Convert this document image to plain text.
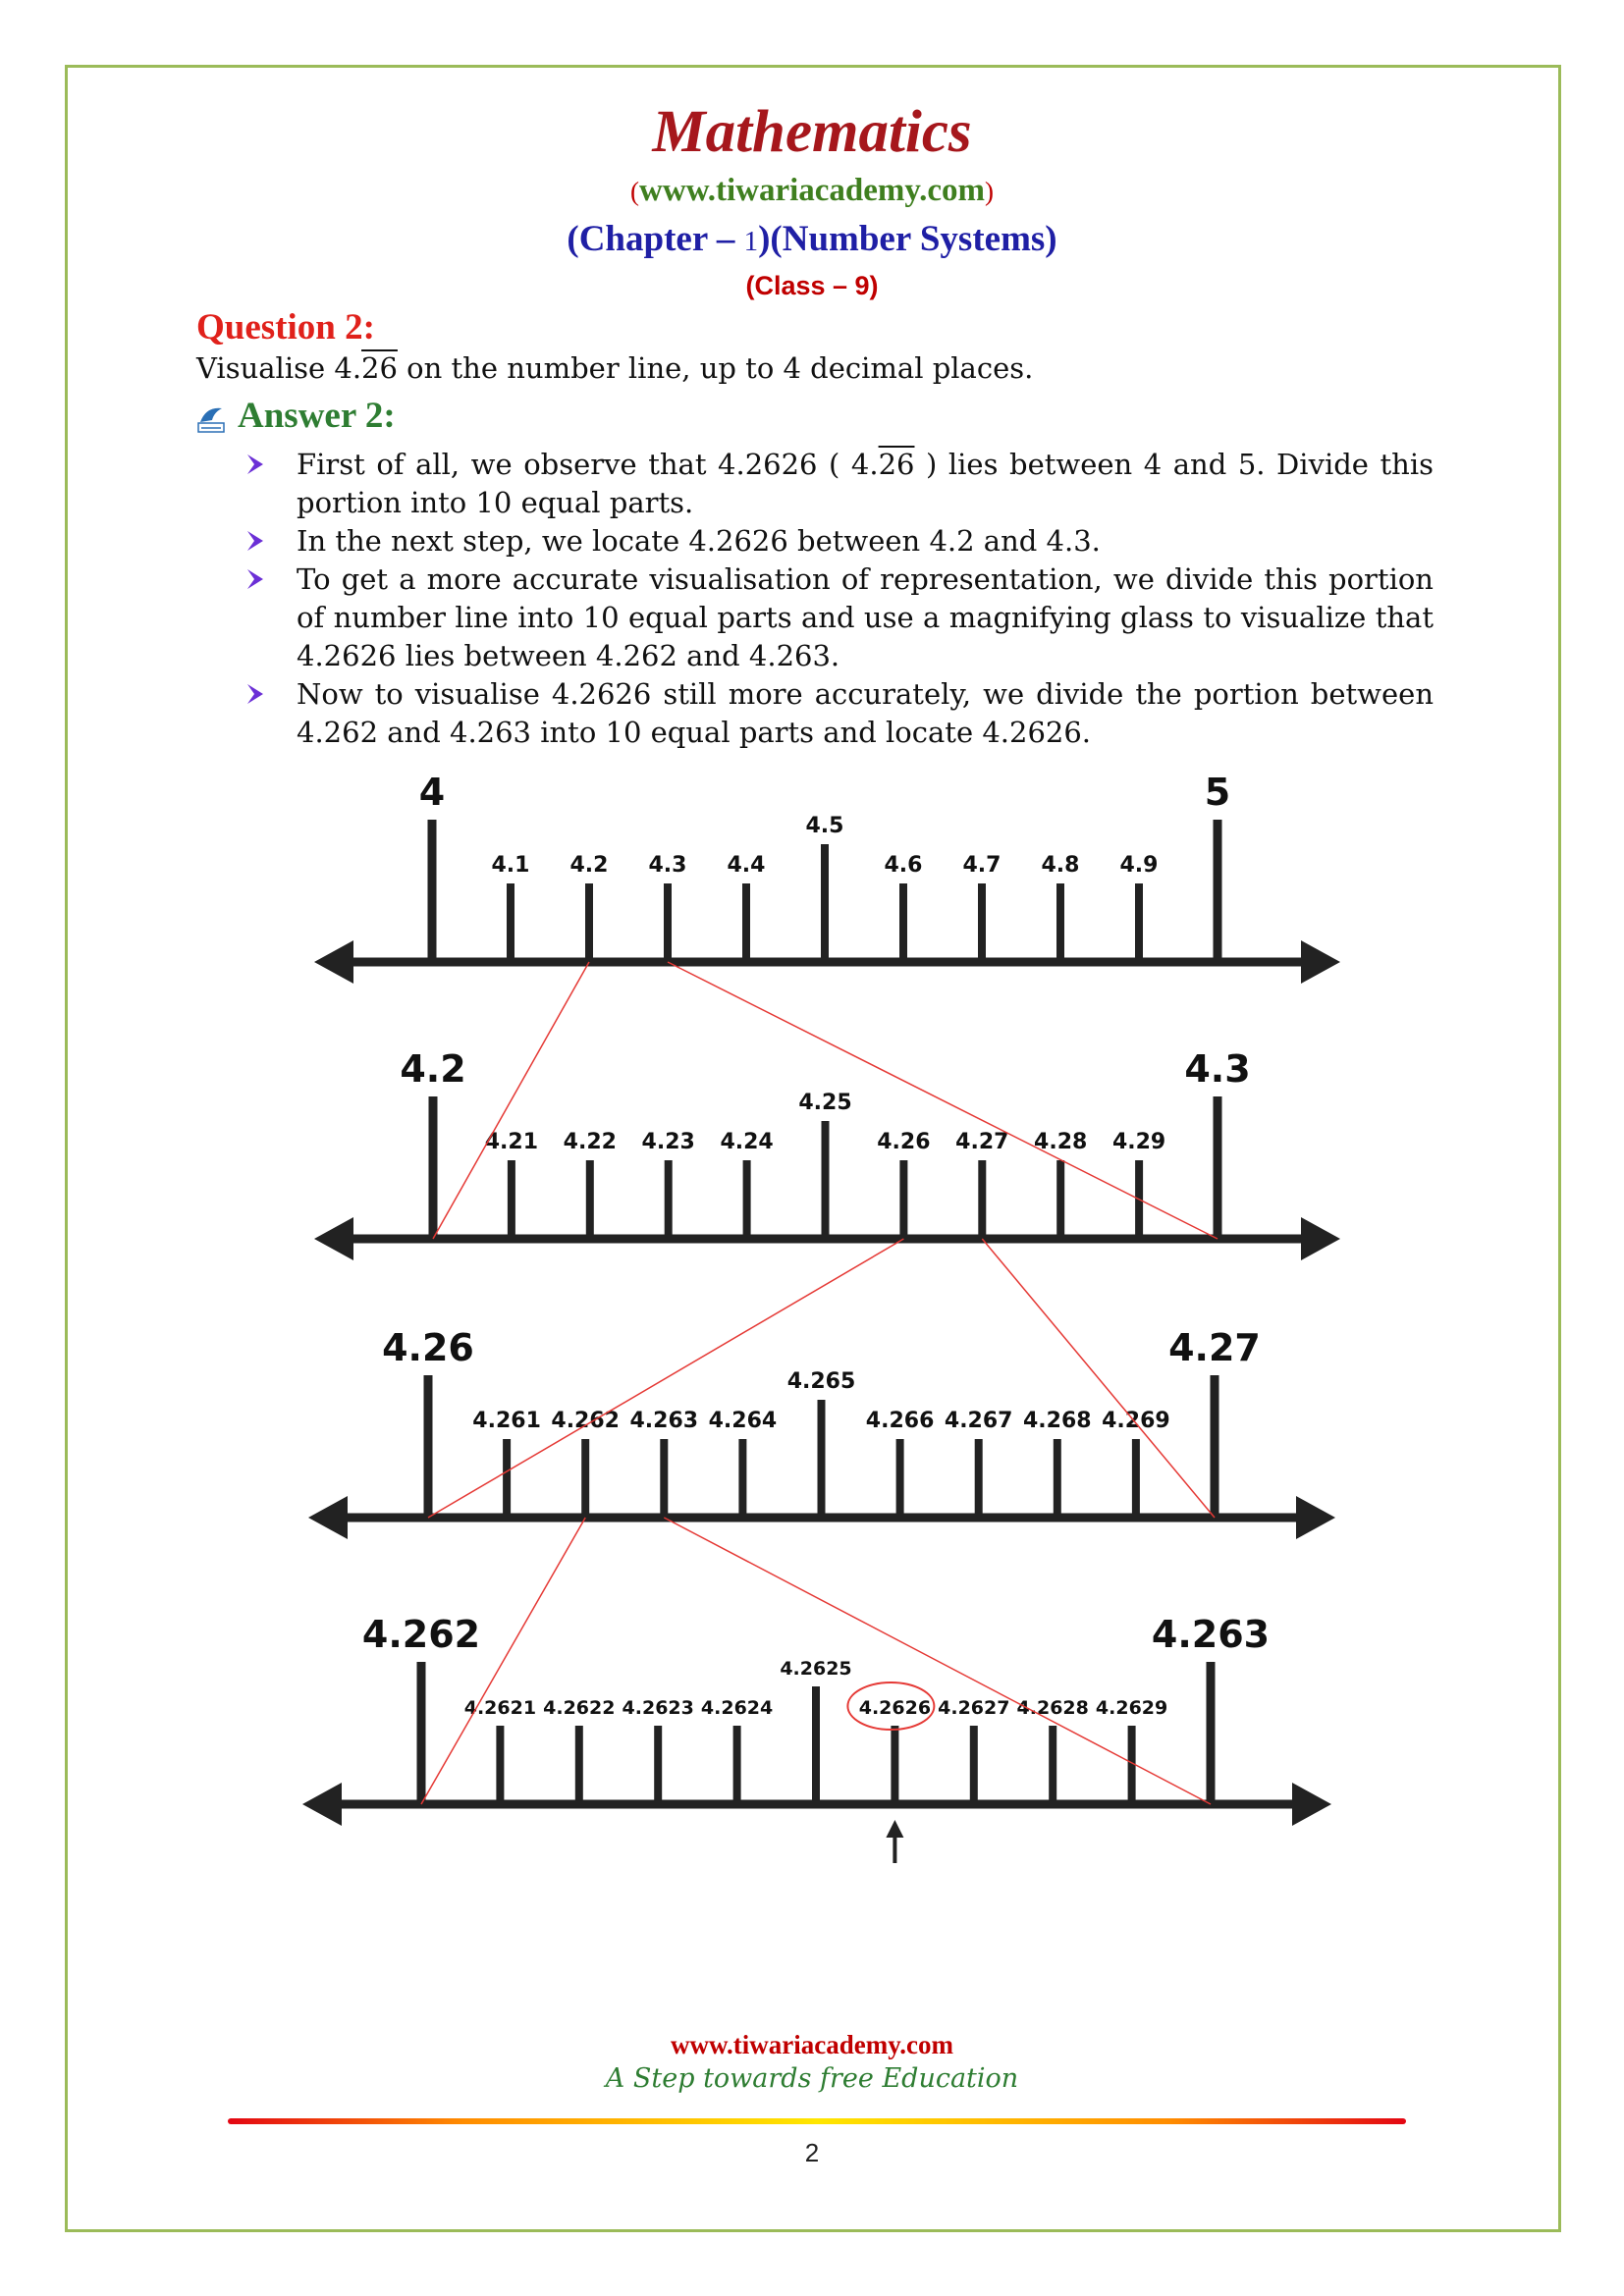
Mathematics
(www.tiwariacademy.com)
(Chapter – 1)(Number Systems)
(Class – 9)
Question 2:
Visualise 4.26 on the number line, up to 4 decimal places.
Answer 2:
First of all, we observe that 4.2626 ( 4.26 ) lies between 4 and 5. Divide this portion into 10 equal parts.
In the next step, we locate 4.2626 between 4.2 and 4.3.
To get a more accurate visualisation of representation, we divide this portion of number line into 10 equal parts and use a magnifying glass to visualize that 4.2626 lies between 4.262 and 4.263.
Now to visualise 4.2626 still more accurately, we divide the portion between 4.262 and 4.263 into 10 equal parts and locate 4.2626.
4	5
4.5
4.1 4.2 4.3 4.4	4.6 4.7 4.8 4.9
4.2	4.3
4.25
4.21 4.22 4.23 4.24	4.26 4.27 4.28 4.29
4.26	4.27
4.265
4.261 4.262 4.263 4.264	4.266 4.267 4.268 4.269
4.262	4.263
4.2625
4.2621 4.2622 4.2623 4.2624	4.2626 4.2627 4.2628 4.2629
www.tiwariacademy.com
A Step towards free Education
2
